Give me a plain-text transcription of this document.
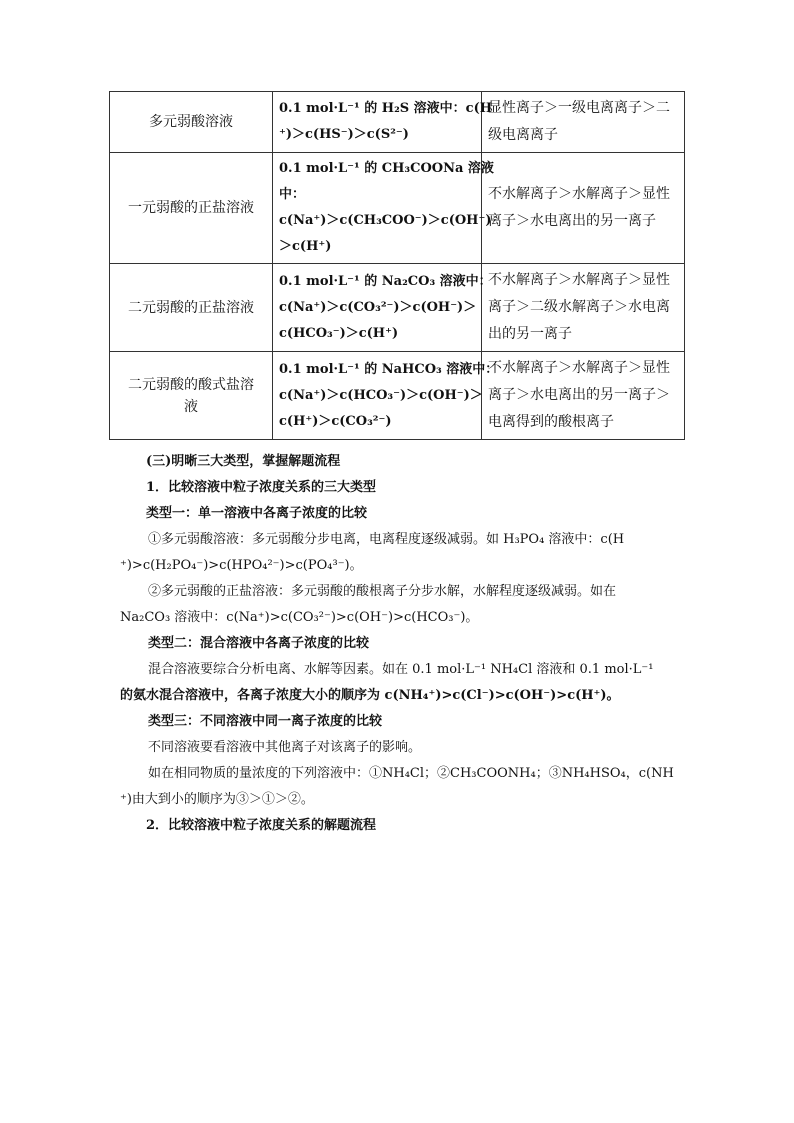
多元弱酸溶液	0.1 mol·L⁻¹ 的 H₂S 溶液中：c(H
⁺)＞c(HS⁻)＞c(S²⁻)	显性离子＞一级电离离子＞二
级电离离子

一元弱酸的正盐溶液	0.1 mol·L⁻¹ 的 CH₃COONa 溶液
中：
c(Na⁺)＞c(CH₃COO⁻)＞c(OH⁻)
＞c(H⁺)	不水解离子＞水解离子＞显性
离子＞水电离出的另一离子

二元弱酸的正盐溶液	0.1 mol·L⁻¹ 的 Na₂CO₃ 溶液中：
c(Na⁺)＞c(CO₃²⁻)＞c(OH⁻)＞
c(HCO₃⁻)＞c(H⁺)	不水解离子＞水解离子＞显性
离子＞二级水解离子＞水电离
出的另一离子

二元弱酸的酸式盐溶
液	0.1 mol·L⁻¹ 的 NaHCO₃ 溶液中：
c(Na⁺)＞c(HCO₃⁻)＞c(OH⁻)＞
c(H⁺)＞c(CO₃²⁻)	不水解离子＞水解离子＞显性
离子＞水电离出的另一离子＞
电离得到的酸根离子
(三)明晰三大类型，掌握解题流程
1．比较溶液中粒子浓度关系的三大类型
类型一：单一溶液中各离子浓度的比较
①多元弱酸溶液：多元弱酸分步电离，电离程度逐级减弱。如 H₃PO₄ 溶液中：c(H
⁺)>c(H₂PO₄⁻)>c(HPO₄²⁻)>c(PO₄³⁻)。
②多元弱酸的正盐溶液：多元弱酸的酸根离子分步水解，水解程度逐级减弱。如在
Na₂CO₃ 溶液中：c(Na⁺)>c(CO₃²⁻)>c(OH⁻)>c(HCO₃⁻)。
类型二：混合溶液中各离子浓度的比较
混合溶液要综合分析电离、水解等因素。如在 0.1 mol·L⁻¹ NH₄Cl 溶液和 0.1 mol·L⁻¹
的氨水混合溶液中，各离子浓度大小的顺序为 c(NH₄⁺)>c(Cl⁻)>c(OH⁻)>c(H⁺)。
类型三：不同溶液中同一离子浓度的比较
不同溶液要看溶液中其他离子对该离子的影响。
如在相同物质的量浓度的下列溶液中：①NH₄Cl；②CH₃COONH₄；③NH₄HSO₄，c(NH
⁺)由大到小的顺序为③＞①＞②。
2．比较溶液中粒子浓度关系的解题流程
